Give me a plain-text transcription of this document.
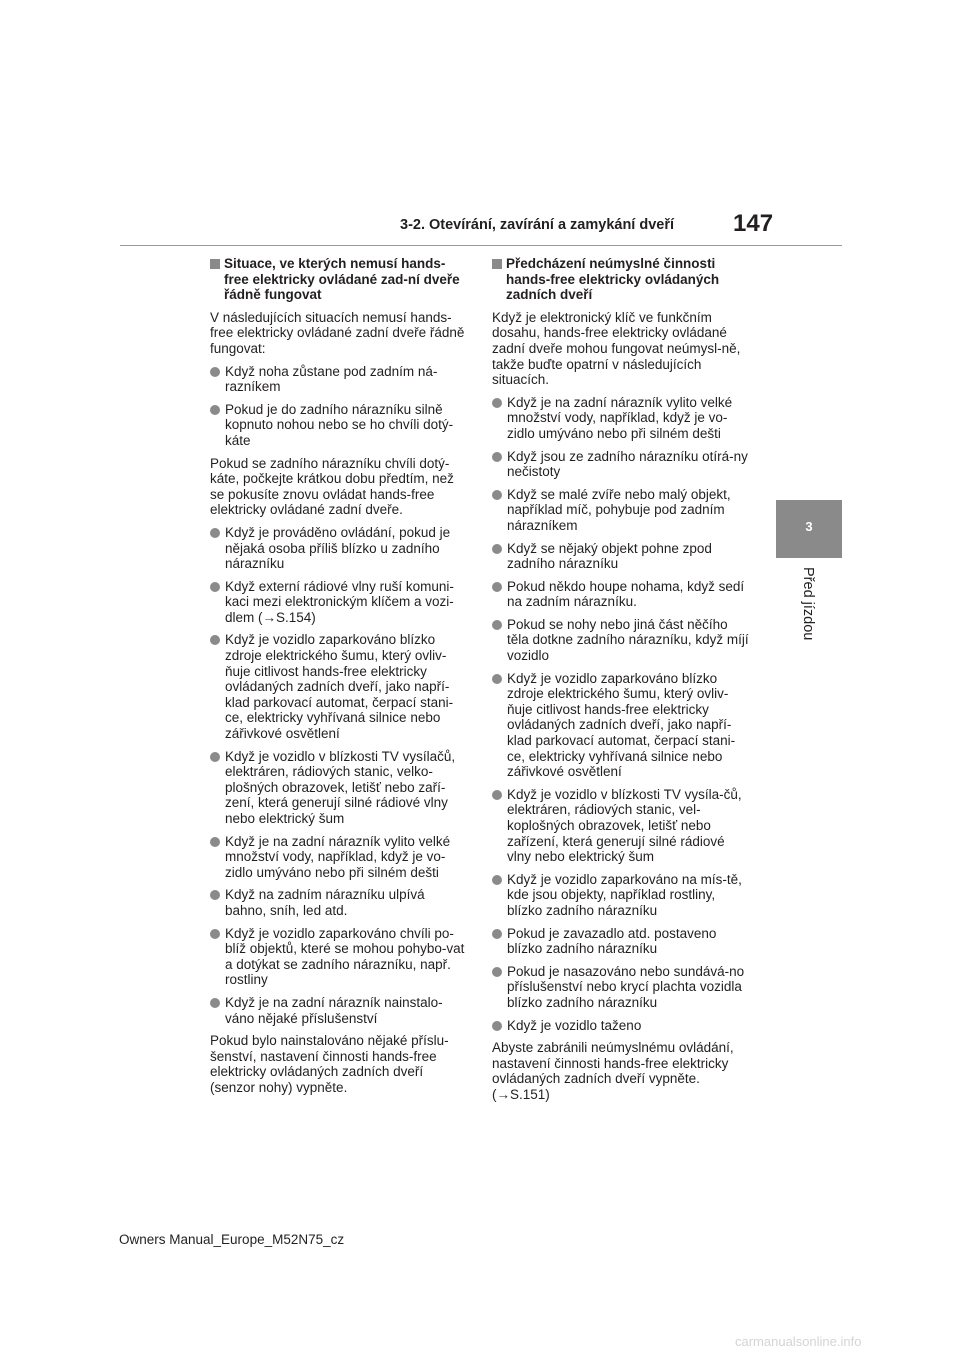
3-2. Otevírání, zavírání a zamykání dveří 147
3
Před jízdou
Situace, ve kterých nemusí hands-free elektricky ovládané zad-ní dveře řádně fungovat
V následujících situacích nemusí hands-free elektricky ovládané zadní dveře řádně fungovat:
Když noha zůstane pod zadním ná-razníkem
Pokud je do zadního nárazníku silně kopnuto nohou nebo se ho chvíli dotý-káte
Pokud se zadního nárazníku chvíli dotý-káte, počkejte krátkou dobu předtím, než se pokusíte znovu ovládat hands-free elektricky ovládané zadní dveře.
Když je prováděno ovládání, pokud je nějaká osoba příliš blízko u zadního nárazníku
Když externí rádiové vlny ruší komuni-kaci mezi elektronickým klíčem a vozi-dlem (→S.154)
Když je vozidlo zaparkováno blízko zdroje elektrického šumu, který ovliv-ňuje citlivost hands-free elektricky ovládaných zadních dveří, jako napří-klad parkovací automat, čerpací stani-ce, elektricky vyhřívaná silnice nebo zářivkové osvětlení
Když je vozidlo v blízkosti TV vysílačů, elektráren, rádiových stanic, velko-plošných obrazovek, letišť nebo zaří-zení, která generují silné rádiové vlny nebo elektrický šum
Když je na zadní nárazník vylito velké množství vody, například, když je vo-zidlo umýváno nebo při silném dešti
Když na zadním nárazníku ulpívá bahno, sníh, led atd.
Když je vozidlo zaparkováno chvíli po-blíž objektů, které se mohou pohybo-vat a dotýkat se zadního nárazníku, např. rostliny
Když je na zadní nárazník nainstalo-váno nějaké příslušenství
Pokud bylo nainstalováno nějaké příslu-šenství, nastavení činnosti hands-free elektricky ovládaných zadních dveří (senzor nohy) vypněte.
Předcházení neúmyslné činnosti hands-free elektricky ovládaných zadních dveří
Když je elektronický klíč ve funkčním dosahu, hands-free elektricky ovládané zadní dveře mohou fungovat neúmysl-ně, takže buďte opatrní v následujících situacích.
Když je na zadní nárazník vylito velké množství vody, například, když je vo-zidlo umýváno nebo při silném dešti
Když jsou ze zadního nárazníku otírá-ny nečistoty
Když se malé zvíře nebo malý objekt, například míč, pohybuje pod zadním nárazníkem
Když se nějaký objekt pohne zpod zadního nárazníku
Pokud někdo houpe nohama, když sedí na zadním nárazníku.
Pokud se nohy nebo jiná část něčího těla dotkne zadního nárazníku, když míjí vozidlo
Když je vozidlo zaparkováno blízko zdroje elektrického šumu, který ovliv-ňuje citlivost hands-free elektricky ovládaných zadních dveří, jako napří-klad parkovací automat, čerpací stani-ce, elektricky vyhřívaná silnice nebo zářivkové osvětlení
Když je vozidlo v blízkosti TV vysíla-čů, elektráren, rádiových stanic, vel-koplošných obrazovek, letišť nebo zařízení, která generují silné rádiové vlny nebo elektrický šum
Když je vozidlo zaparkováno na mís-tě, kde jsou objekty, například rostliny, blízko zadního nárazníku
Pokud je zavazadlo atd. postaveno blízko zadního nárazníku
Pokud je nasazováno nebo sundává-no příslušenství nebo krycí plachta vozidla blízko zadního nárazníku
Když je vozidlo taženo
Abyste zabránili neúmyslnému ovládání, nastavení činnosti hands-free elektricky ovládaných zadních dveří vypněte. (→S.151)
Owners Manual_Europe_M52N75_cz
carmanualsonline.info
